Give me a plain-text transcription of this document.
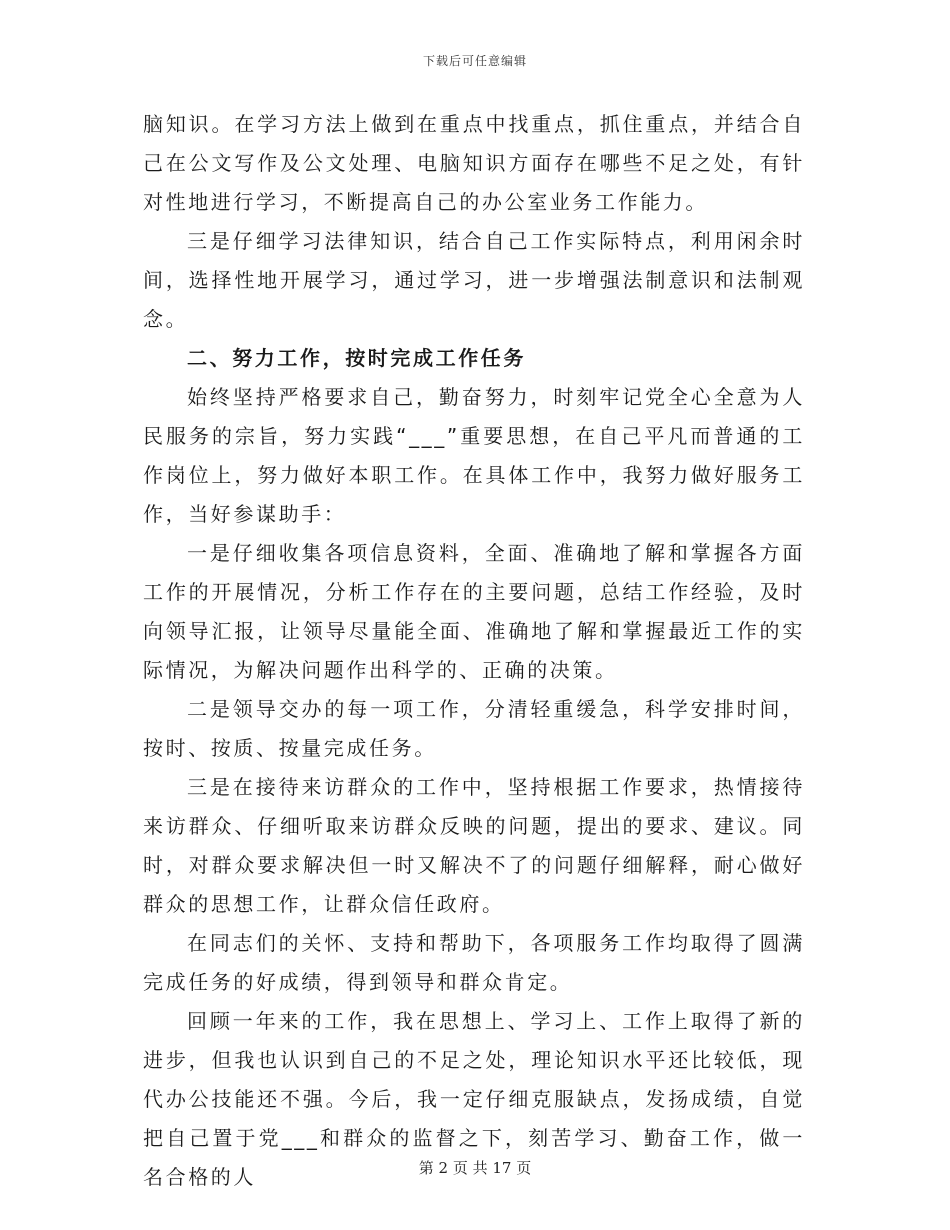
下载后可任意编辑

脑知识。在学习方法上做到在重点中找重点，抓住重点，并结合自己在公文写作及公文处理、电脑知识方面存在哪些不足之处，有针对性地进行学习，不断提高自己的办公室业务工作能力。

三是仔细学习法律知识，结合自己工作实际特点，利用闲余时间，选择性地开展学习，通过学习，进一步增强法制意识和法制观念。

二、努力工作，按时完成工作任务

始终坚持严格要求自己，勤奋努力，时刻牢记党全心全意为人民服务的宗旨，努力实践“___”重要思想，在自己平凡而普通的工作岗位上，努力做好本职工作。在具体工作中，我努力做好服务工作，当好参谋助手：

一是仔细收集各项信息资料，全面、准确地了解和掌握各方面工作的开展情况，分析工作存在的主要问题，总结工作经验，及时向领导汇报，让领导尽量能全面、准确地了解和掌握最近工作的实际情况，为解决问题作出科学的、正确的决策。

二是领导交办的每一项工作，分清轻重缓急，科学安排时间，按时、按质、按量完成任务。

三是在接待来访群众的工作中，坚持根据工作要求，热情接待来访群众、仔细听取来访群众反映的问题，提出的要求、建议。同时，对群众要求解决但一时又解决不了的问题仔细解释，耐心做好群众的思想工作，让群众信任政府。

在同志们的关怀、支持和帮助下，各项服务工作均取得了圆满完成任务的好成绩，得到领导和群众肯定。

回顾一年来的工作，我在思想上、学习上、工作上取得了新的进步，但我也认识到自己的不足之处，理论知识水平还比较低，现代办公技能还不强。今后，我一定仔细克服缺点，发扬成绩，自觉把自己置于党___和群众的监督之下，刻苦学习、勤奋工作，做一名合格的人	第 2 页 共 17 页
